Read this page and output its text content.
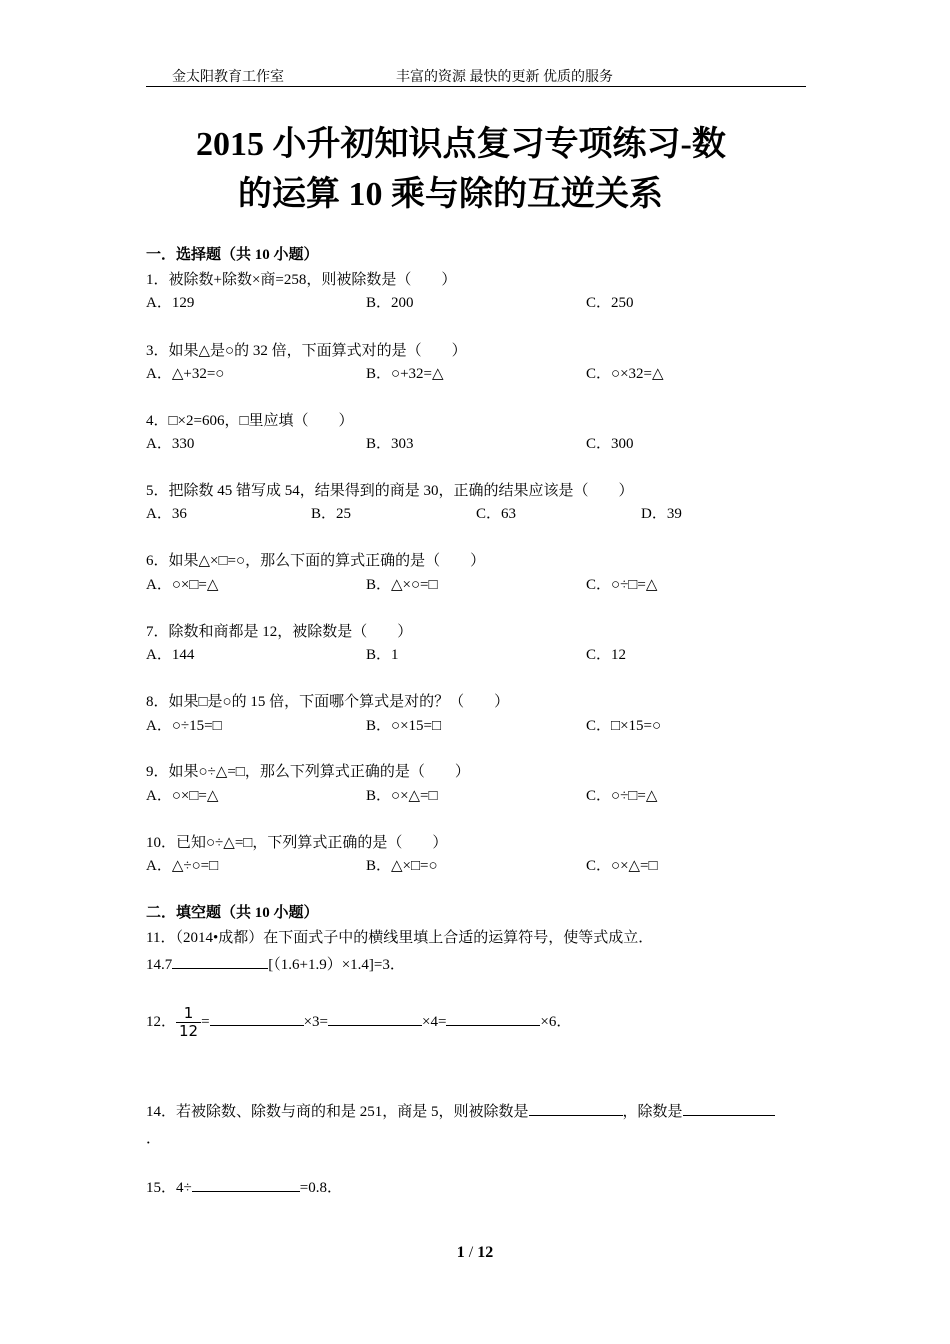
金太阳教育工作室	丰富的资源 最快的更新 优质的服务
2015 小升初知识点复习专项练习-数
的运算 10 乘与除的互逆关系
一．选择题（共 10 小题）
1．被除数+除数×商=258，则被除数是（　　）
A．129	B．200	C．250
3．如果△是○的 32 倍，下面算式对的是（　　）
A．△+32=○	B．○+32=△	C．○×32=△
4．□×2=606，□里应填（　　）
A．330	B．303	C．300
5．把除数 45 错写成 54，结果得到的商是 30，正确的结果应该是（　　）
A．36	B．25	C．63	D．39
6．如果△×□=○，那么下面的算式正确的是（　　）
A．○×□=△	B．△×○=□	C．○÷□=△
7．除数和商都是 12，被除数是（　　）
A．144	B．1	C．12
8．如果□是○的 15 倍，下面哪个算式是对的？（　　）
A．○÷15=□	B．○×15=□	C．□×15=○
9．如果○÷△=□，那么下列算式正确的是（　　）
A．○×□=△	B．○×△=□	C．○÷□=△
10．已知○÷△=□，下列算式正确的是（　　）
A．△÷○=□	B．△×□=○	C．○×△=□
二．填空题（共 10 小题）
11．（2014•成都）在下面式子中的横线里填上合适的运算符号，使等式成立．
14.7	[（1.6+1.9）×1.4]=3．
12． $\frac{1}{12}$ =	×3=	×4=	×6．
14．若被除数、除数与商的和是 251，商是 5，则被除数是	，除数是
．
15．4÷	=0.8．
1 / 12
